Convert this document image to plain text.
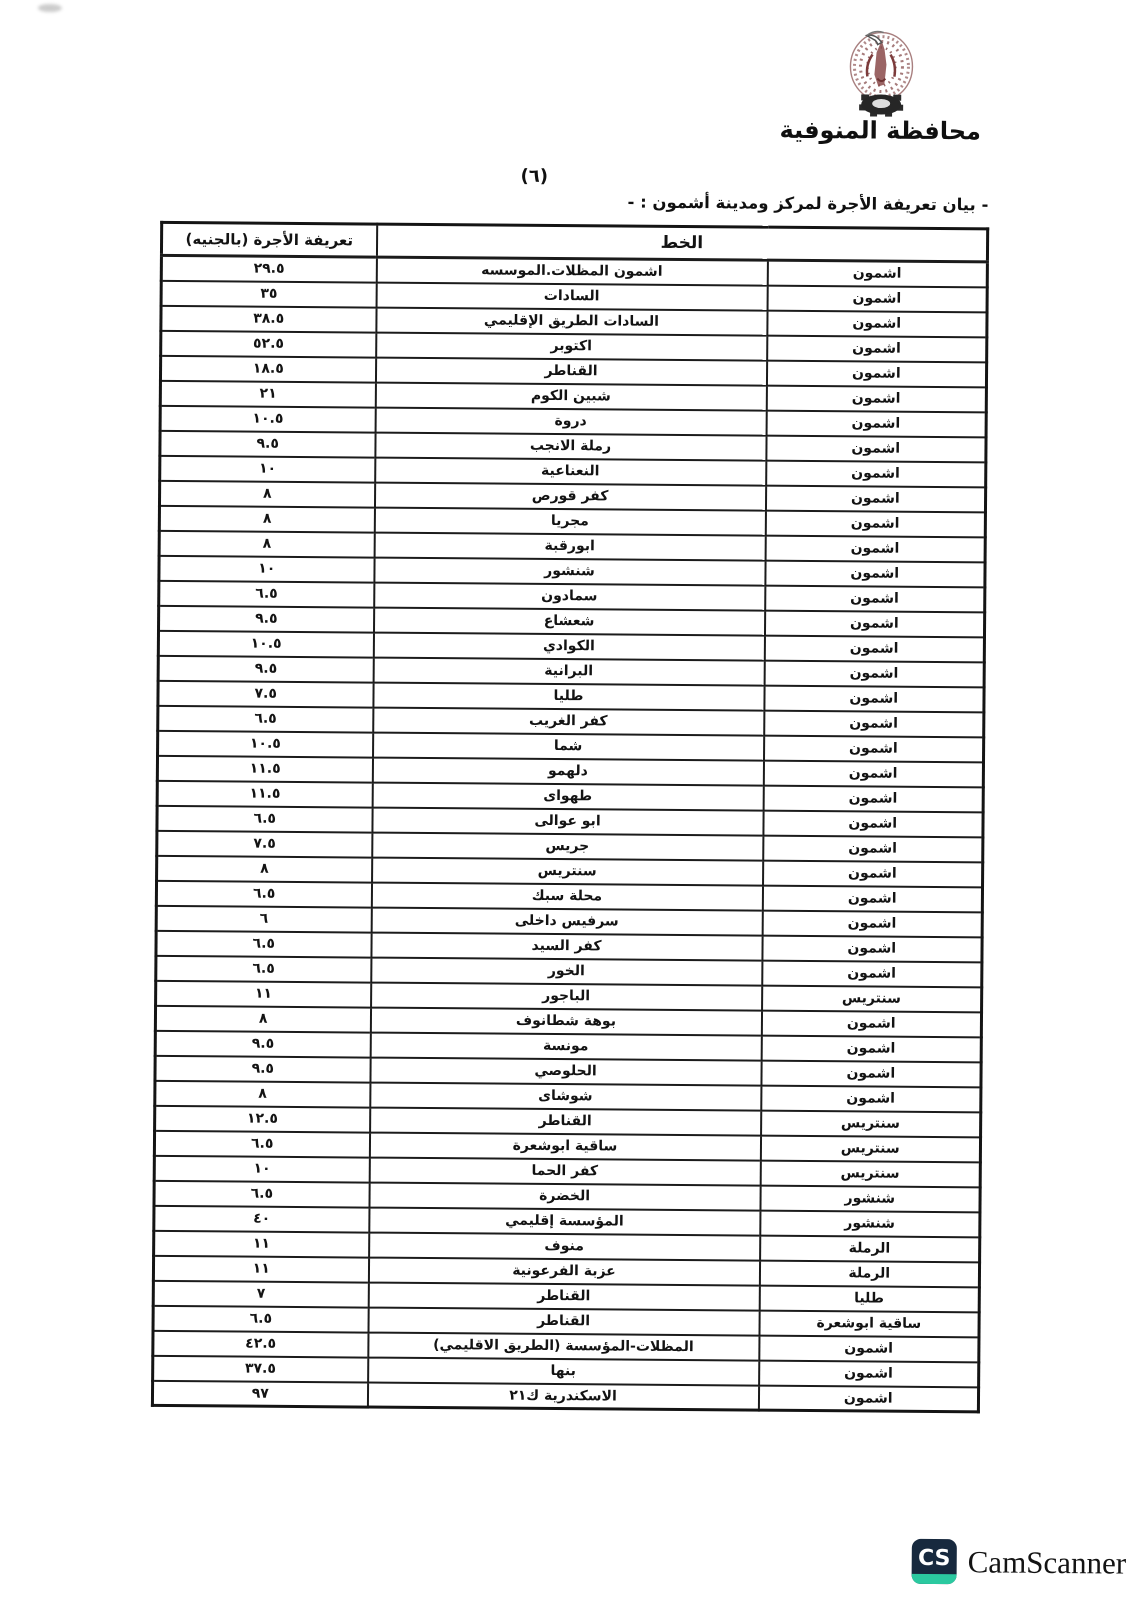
محافظة المنوفية
(٦)
- بيان تعريفة الأجرة لمركز ومدينة أشمون : -
الخط		تعريفة الأجرة (بالجنيه)
اشمون	اشمون المظلات.الموسسه	٢٩.٥
اشمون	السادات	٣٥
اشمون	السادات الطريق الإقليمي	٣٨.٥
اشمون	اكتوبر	٥٢.٥
اشمون	القناطر	١٨.٥
اشمون	شبين الكوم	٢١
اشمون	دروة	١٠.٥
اشمون	رملة الانجب	٩.٥
اشمون	النعناعية	١٠
اشمون	كفر قورص	٨
اشمون	مجريا	٨
اشمون	ابورقبة	٨
اشمون	شنشور	١٠
اشمون	سمادون	٦.٥
اشمون	شعشاع	٩.٥
اشمون	الكوادي	١٠.٥
اشمون	البرانية	٩.٥
اشمون	طليا	٧.٥
اشمون	كفر الغريب	٦.٥
اشمون	شما	١٠.٥
اشمون	دلهمو	١١.٥
اشمون	طهواى	١١.٥
اشمون	ابو عوالى	٦.٥
اشمون	جريس	٧.٥
اشمون	سنتريس	٨
اشمون	محلة سبك	٦.٥
اشمون	سرفيس داخلى	٦
اشمون	كفر السيد	٦.٥
اشمون	الخور	٦.٥
سنتريس	الباجور	١١
اشمون	بوهة شطانوف	٨
اشمون	مونسة	٩.٥
اشمون	الحلوصي	٩.٥
اشمون	شوشاى	٨
سنتريس	القناطر	١٢.٥
سنتريس	ساقية ابوشعرة	٦.٥
سنتريس	كفر الحما	١٠
شنشور	الخضرة	٦.٥
شنشور	المؤسسة إقليمي	٤٠
الرملة	منوف	١١
الرملة	عزبة الفرعونية	١١
طليا	القناطر	٧
ساقية ابوشعرة	القناطر	٦.٥
اشمون	المظلات-المؤسسة (الطريق الاقليمي)	٤٢.٥
اشمون	بنها	٣٧.٥
اشمون	الاسكندرية ك٢١	٩٧
CS CamScanner
